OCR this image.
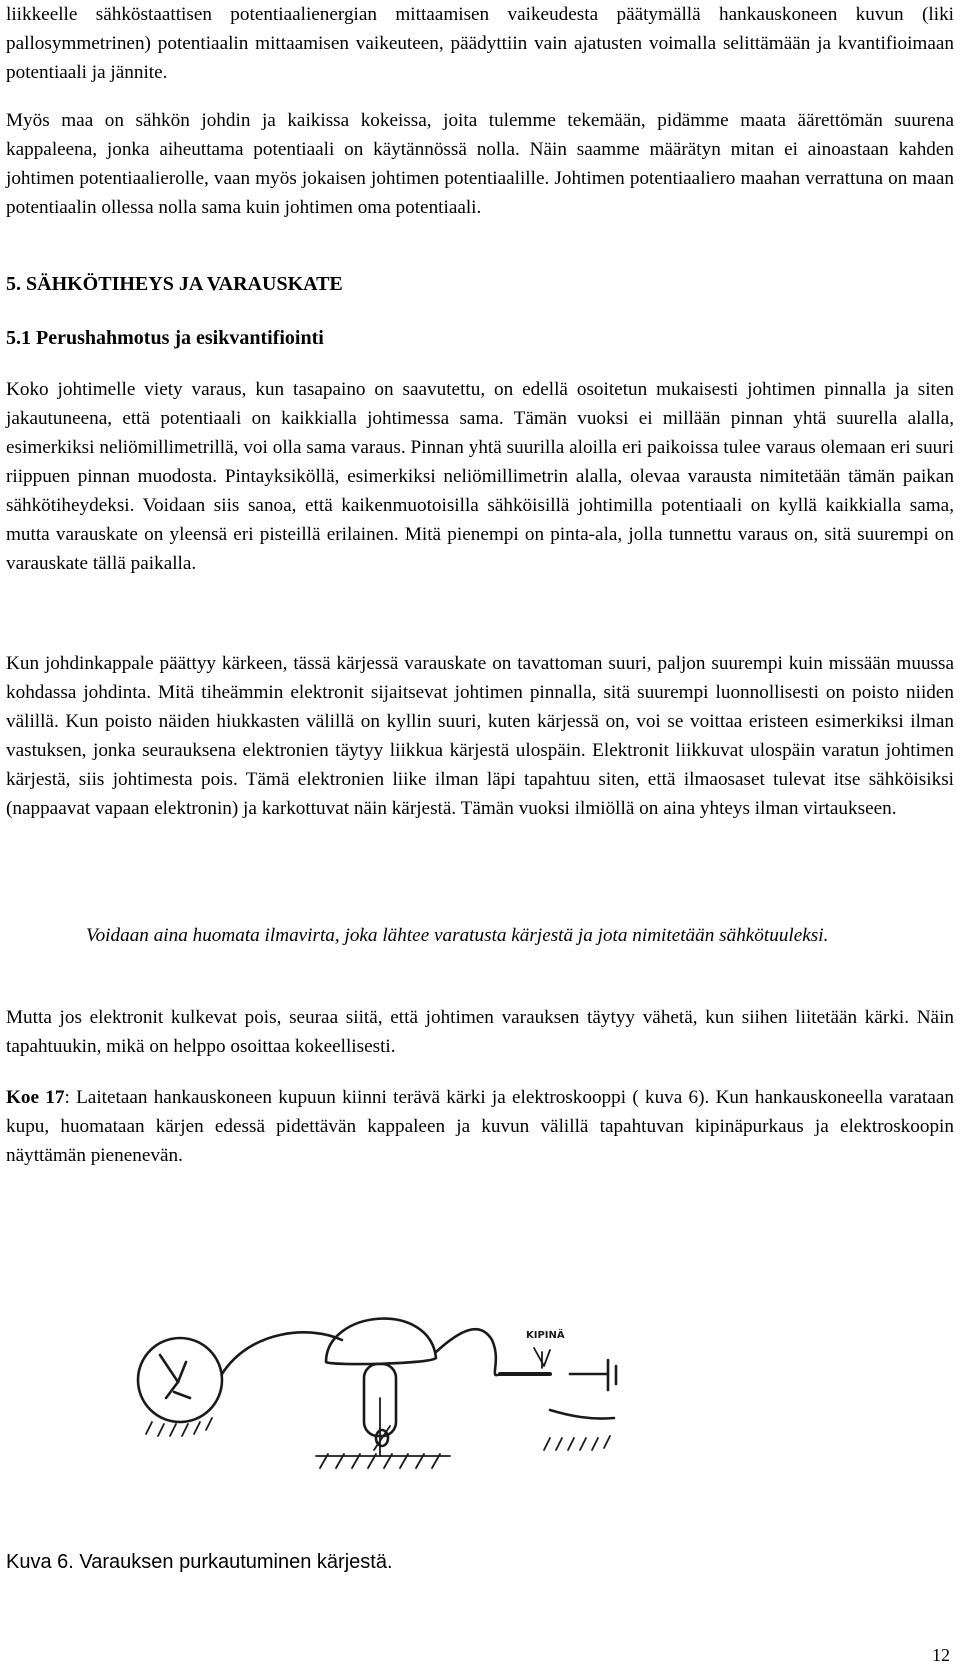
liikkeelle sähköstaattisen potentiaalienergian mittaamisen vaikeudesta päätymällä hankauskoneen kuvun (liki pallosymmetrinen) potentiaalin mittaamisen vaikeuteen, päädyttiin vain ajatusten voimalla selittämään ja kvantifioimaan potentiaali ja jännite.

Myös maa on sähkön johdin ja kaikissa kokeissa, joita tulemme tekemään, pidämme maata äärettömän suurena kappaleena, jonka aiheuttama potentiaali on käytännössä nolla. Näin saamme määrätyn mitan ei ainoastaan kahden johtimen potentiaalierolle, vaan myös jokaisen johtimen potentiaalille. Johtimen potentiaaliero maahan verrattuna on maan potentiaalin ollessa nolla sama kuin johtimen oma potentiaali.

5. SÄHKÖTIHEYS JA VARAUSKATE
5.1 Perushahmotus ja esikvantifiointi

Koko johtimelle viety varaus, kun tasapaino on saavutettu, on edellä osoitetun mukaisesti johtimen pinnalla ja siten jakautuneena, että potentiaali on kaikkialla johtimessa sama. Tämän vuoksi ei millään pinnan yhtä suurella alalla, esimerkiksi neliömillimetrillä, voi olla sama varaus. Pinnan yhtä suurilla aloilla eri paikoissa tulee varaus olemaan eri suuri riippuen pinnan muodosta. Pintayksiköllä, esimerkiksi neliömillimetrin alalla, olevaa varausta nimitetään tämän paikan sähkötiheydeksi. Voidaan siis sanoa, että kaikenmuotoisilla sähköisillä johtimilla potentiaali on kyllä kaikkialla sama, mutta varauskate on yleensä eri pisteillä erilainen. Mitä pienempi on pinta-ala, jolla tunnettu varaus on, sitä suurempi on varauskate tällä paikalla.

Kun johdinkappale päättyy kärkeen, tässä kärjessä varauskate on tavattoman suuri, paljon suurempi kuin missään muussa kohdassa johdinta. Mitä tiheämmin elektronit sijaitsevat johtimen pinnalla, sitä suurempi luonnollisesti on poisto niiden välillä. Kun poisto näiden hiukkasten välillä on kyllin suuri, kuten kärjessä on, voi se voittaa eristeen esimerkiksi ilman vastuksen, jonka seurauksena elektronien täytyy liikkua kärjestä ulospäin. Elektronit liikkuvat ulospäin varatun johtimen kärjestä, siis johtimesta pois. Tämä elektronien liike ilman läpi tapahtuu siten, että ilmaosaset tulevat itse sähköisiksi (nappaavat vapaan elektronin) ja karkottuvat näin kärjestä. Tämän vuoksi ilmiöllä on aina yhteys ilman virtaukseen.

Voidaan aina huomata ilmavirta, joka lähtee varatusta kärjestä ja jota nimitetään sähkötuuleksi.

Mutta jos elektronit kulkevat pois, seuraa siitä, että johtimen varauksen täytyy vähetä, kun siihen liitetään kärki. Näin tapahtuukin, mikä on helppo osoittaa kokeellisesti.

Koe 17: Laitetaan hankauskoneen kupuun kiinni terävä kärki ja elektroskooppi ( kuva 6). Kun hankauskoneella varataan kupu, huomataan kärjen edessä pidettävän kappaleen ja kuvun välillä tapahtuvan kipinäpurkaus ja elektroskoopin näyttämän pienenevän.

KIPINÄ
Kuva 6. Varauksen purkautuminen kärjestä.
12
